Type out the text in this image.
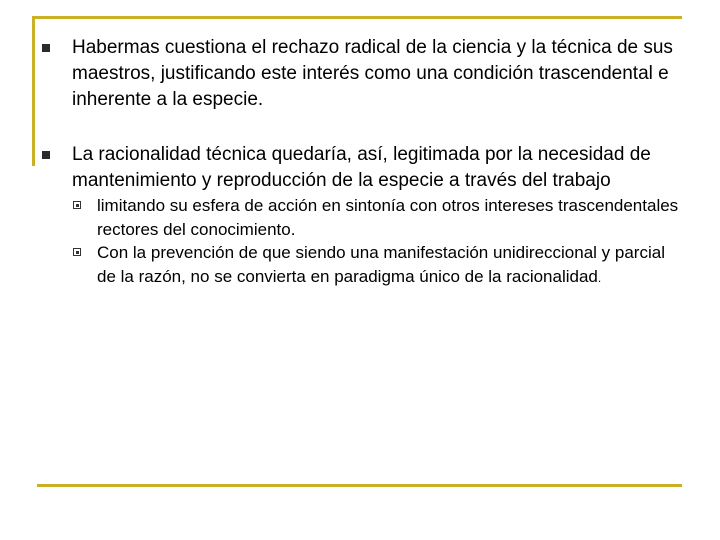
Habermas cuestiona el rechazo radical de la ciencia y la técnica de sus maestros, justificando este interés como una condición trascendental e inherente a la especie.
La racionalidad técnica quedaría, así, legitimada por la necesidad de mantenimiento y reproducción de la especie a través del trabajo
limitando su esfera de acción en sintonía con otros intereses trascendentales rectores del conocimiento.
Con la prevención de que siendo una manifestación unidireccional y parcial de la razón, no se convierta en paradigma único de la racionalidad.
